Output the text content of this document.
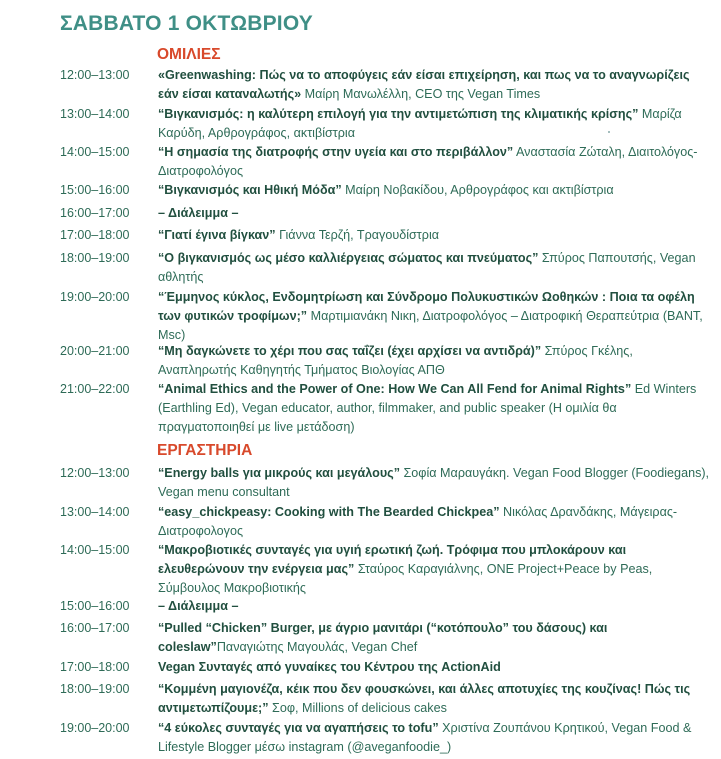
ΣΑΒΒΑΤΟ 1 ΟΚΤΩΒΡΙΟΥ
ΟΜΙΛΙΕΣ
12:00–13:00 «Greenwashing: Πώς να το αποφύγεις εάν είσαι επιχείρηση, και πως να το αναγνωρίζεις εάν είσαι καταναλωτής» Μαίρη Μανωλέλλη, CEO της Vegan Times
13:00–14:00 “Βιγκανισμός: η καλύτερη επιλογή για την αντιμετώπιση της κλιματικής κρίσης” Μαρίζα Καρύδη, Αρθρογράφος, ακτιβίστρια
14:00–15:00 “Η σημασία της διατροφής στην υγεία και στο περιβάλλον” Αναστασία Ζώταλη, Διαιτολόγος-Διατροφολόγος
15:00–16:00 “Βιγκανισμός και Ηθική Μόδα” Μαίρη Νοβακίδου, Αρθρογράφος και ακτιβίστρια
16:00–17:00 – Διάλειμμα –
17:00–18:00 “Γιατί έγινα βίγκαν” Γιάννα Τερζή, Τραγουδίστρια
18:00–19:00 “Ο βιγκανισμός ως μέσο καλλιέργειας σώματος και πνεύματος” Σπύρος Παπουτσής, Vegan αθλητής
19:00–20:00 “Έμμηνος κύκλος, Ενδομητρίωση και Σύνδρομο Πολυκυστικών Ωοθηκών : Ποια τα οφέλη των φυτικών τροφίμων;” Μαρτιμιανάκη Νικη, Διατροφολόγος – Διατροφική Θεραπεύτρια (BANT, Msc)
20:00–21:00 “Μη δαγκώνετε το χέρι που σας ταΐζει (έχει αρχίσει να αντιδρά)” Σπύρος Γκέλης, Αναπληρωτής Καθηγητής Τμήματος Βιολογίας ΑΠΘ
21:00–22:00 “Animal Ethics and the Power of One: How We Can All Fend for Animal Rights” Ed Winters (Earthling Ed), Vegan educator, author, filmmaker, and public speaker (Η ομιλία θα πραγματοποιηθεί με live μετάδοση)
ΕΡΓΑΣΤΗΡΙΑ
12:00–13:00 “Energy balls για μικρούς και μεγάλους” Σοφία Μαραυγάκη. Vegan Food Blogger (Foodiegans), Vegan menu consultant
13:00–14:00 “easy_chickpeasy: Cooking with The Bearded Chickpea” Νικόλας Δρανδάκης, Μάγειρας-Διατροφολογος
14:00–15:00 “Μακροβιοτικές συνταγές για υγιή ερωτική ζωή. Τρόφιμα που μπλοκάρουν και ελευθερώνουν την ενέργεια μας” Σταύρος Καραγιάλνης, ONE Project+Peace by Peas, Σύμβουλος Μακροβιοτικής
15:00–16:00 – Διάλειμμα –
16:00–17:00 “Pulled “Chicken” Burger, με άγριο μανιτάρι (“κοτόπουλο” του δάσους) και coleslaw”Παναγιώτης Μαγουλάς, Vegan Chef
17:00–18:00 Vegan Συνταγές από γυναίκες του Κέντρου της ActionAid
18:00–19:00 “Κομμένη μαγιονέζα, κέικ που δεν φουσκώνει, και άλλες αποτυχίες της κουζίνας! Πώς τις αντιμετωπίζουμε;” Σοφ, Millions of delicious cakes
19:00–20:00 “4 εύκολες συνταγές για να αγαπήσεις το tofu” Χριστίνα Ζουπάνου Κρητικού, Vegan Food & Lifestyle Blogger μέσω instagram (@aveganfoodie_)
